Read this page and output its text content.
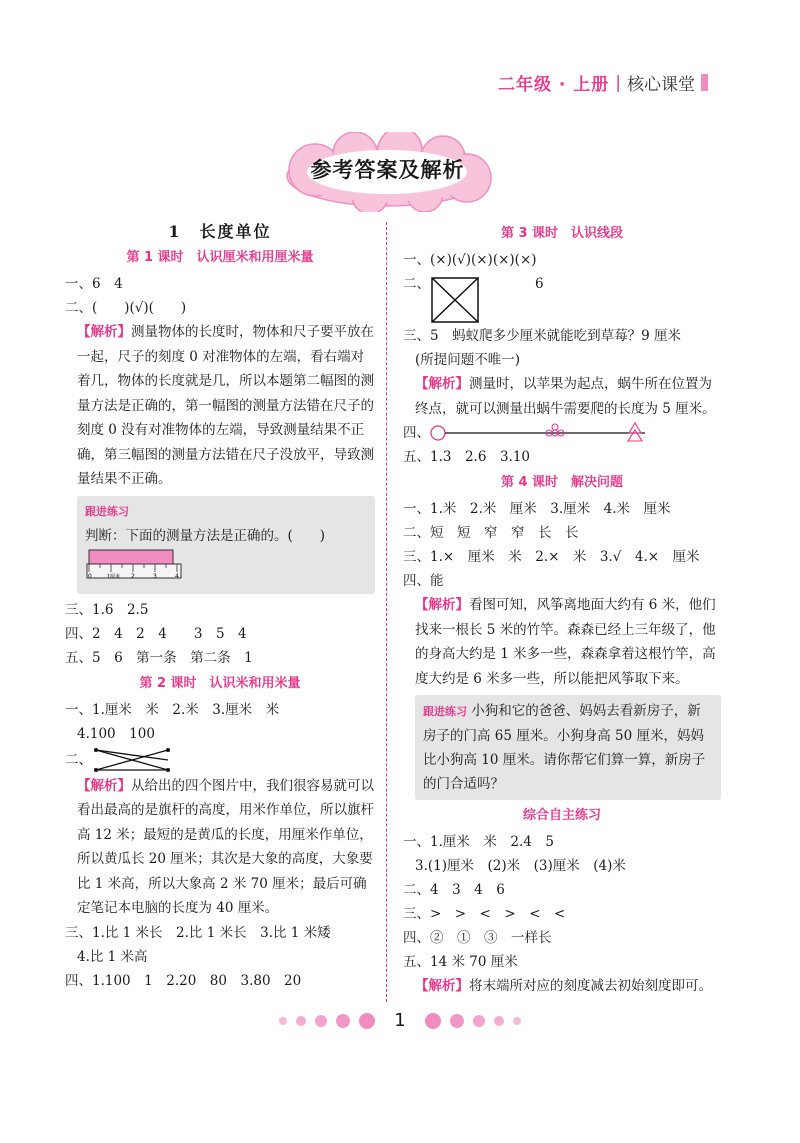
二年级 · 上册 | 核心课堂
参考答案及解析
1　长度单位
第 1 课时　认识厘米和用厘米量
一、6　4
二、(　　)(√)(　　)
【解析】测量物体的长度时，物体和尺子要平放在一起，尺子的刻度 0 对准物体的左端，看右端对着几，物体的长度就是几，所以本题第二幅图的测量方法是正确的，第一幅图的测量方法错在尺子的刻度 0 没有对准物体的左端，导致测量结果不正确，第三幅图的测量方法错在尺子没放平，导致测量结果不正确。
跟进练习
判断：下面的测量方法是正确的。(　　)
0	1厘米 2	3	4
三、1.6　2.5
四、2　4　2　4　　3　5　4
五、5　6　第一条　第二条　1
第 2 课时　认识米和用米量
一、1.厘米　米　2.米　3.厘米　米
4.100　100
二、
【解析】从给出的四个图片中，我们很容易就可以看出最高的是旗杆的高度，用米作单位，所以旗杆高 12 米；最短的是黄瓜的长度，用厘米作单位，所以黄瓜长 20 厘米；其次是大象的高度，大象要比 1 米高，所以大象高 2 米 70 厘米；最后可确定笔记本电脑的长度为 40 厘米。
三、1.比 1 米长　2.比 1 米长　3.比 1 米矮
4.比 1 米高
四、1.100　1　2.20　80　3.80　20
第 3 课时　认识线段
一、(×)(√)(×)(×)(×)
二、	6
三、5　蚂蚁爬多少厘米就能吃到草莓？9 厘米
(所提问题不唯一)
【解析】测量时，以苹果为起点，蜗牛所在位置为终点，就可以测量出蜗牛需要爬的长度为 5 厘米。
四、
五、1.3　2.6　3.10
第 4 课时　解决问题
一、1.米　2.米　厘米　3.厘米　4.米　厘米
二、短　短　窄　窄　长　长
三、1.×　厘米　米　2.×　米　3.√　4.×　厘米
四、能
【解析】看图可知，风筝离地面大约有 6 米，他们找来一根长 5 米的竹竿。森森已经上三年级了，他的身高大约是 1 米多一些，森森拿着这根竹竿，高度大约是 6 米多一些，所以能把风筝取下来。
跟进练习 小狗和它的爸爸、妈妈去看新房子，新房子的门高 65 厘米。小狗身高 50 厘米，妈妈比小狗高 10 厘米。请你帮它们算一算，新房子的门合适吗？
综合自主练习
一、1.厘米　米　2.4　5
3.(1)厘米　(2)米　(3)厘米　(4)米
二、4　3　4　6
三、>　>　<　>　<　<
四、②　①　③　一样长
五、14 米 70 厘米
【解析】将末端所对应的刻度减去初始刻度即可。
1
